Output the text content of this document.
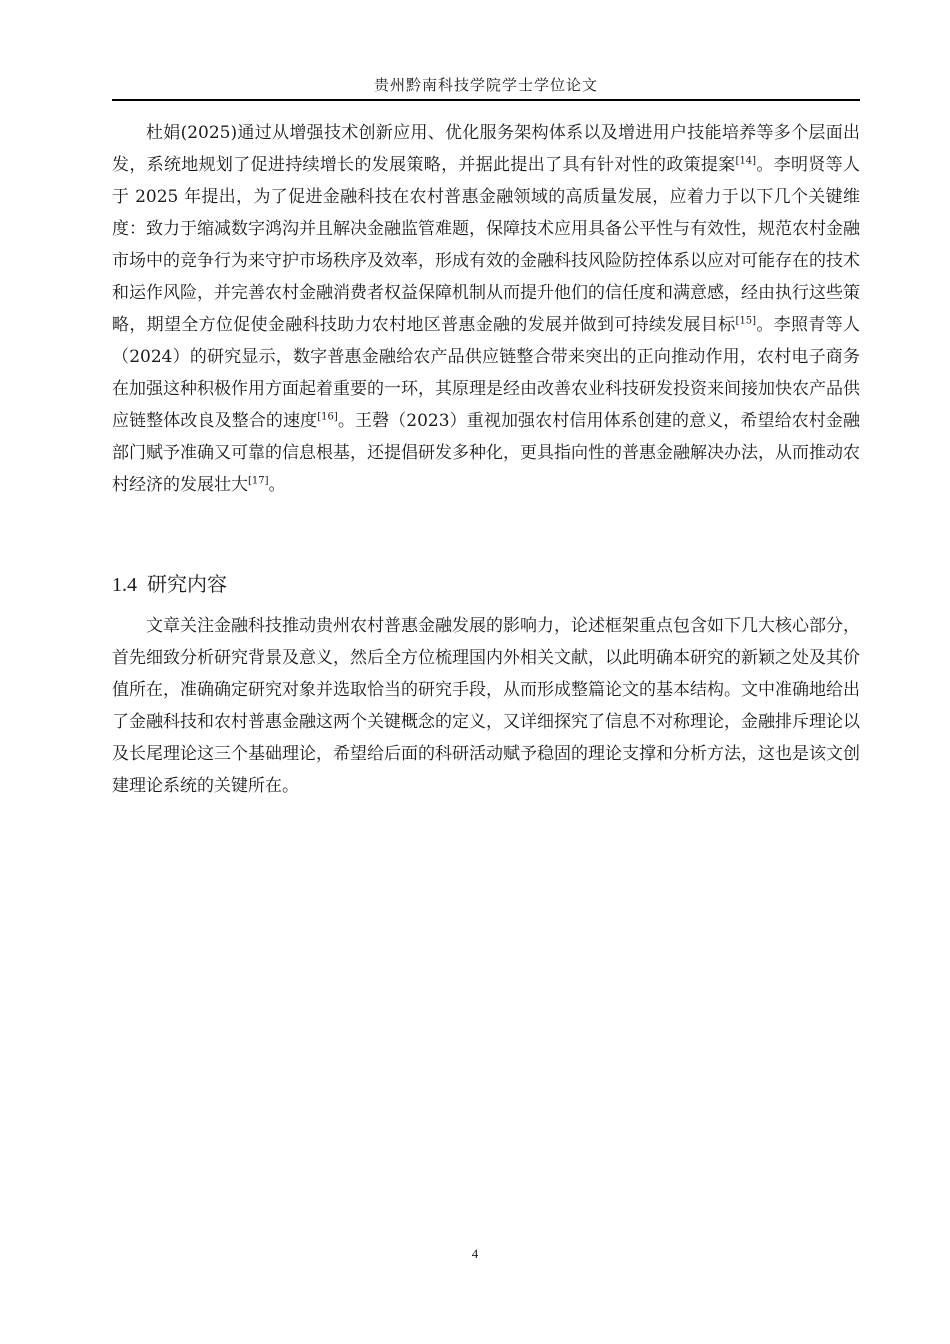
贵州黔南科技学院学士学位论文

杜娟(2025)通过从增强技术创新应用、优化服务架构体系以及增进用户技能培养等多个层面出发，系统地规划了促进持续增长的发展策略，并据此提出了具有针对性的政策提案[14]。李明贤等人于 2025 年提出，为了促进金融科技在农村普惠金融领域的高质量发展，应着力于以下几个关键维度：致力于缩减数字鸿沟并且解决金融监管难题，保障技术应用具备公平性与有效性，规范农村金融市场中的竞争行为来守护市场秩序及效率，形成有效的金融科技风险防控体系以应对可能存在的技术和运作风险，并完善农村金融消费者权益保障机制从而提升他们的信任度和满意感，经由执行这些策略，期望全方位促使金融科技助力农村地区普惠金融的发展并做到可持续发展目标[15]。李照青等人（2024）的研究显示，数字普惠金融给农产品供应链整合带来突出的正向推动作用，农村电子商务在加强这种积极作用方面起着重要的一环，其原理是经由改善农业科技研发投资来间接加快农产品供应链整体改良及整合的速度[16]。王磬（2023）重视加强农村信用体系创建的意义，希望给农村金融部门赋予准确又可靠的信息根基，还提倡研发多种化，更具指向性的普惠金融解决办法，从而推动农村经济的发展壮大[17]。

1.4 研究内容

文章关注金融科技推动贵州农村普惠金融发展的影响力，论述框架重点包含如下几大核心部分，首先细致分析研究背景及意义，然后全方位梳理国内外相关文献，以此明确本研究的新颖之处及其价值所在，准确确定研究对象并选取恰当的研究手段，从而形成整篇论文的基本结构。文中准确地给出了金融科技和农村普惠金融这两个关键概念的定义，又详细探究了信息不对称理论，金融排斥理论以及长尾理论这三个基础理论，希望给后面的科研活动赋予稳固的理论支撑和分析方法，这也是该文创建理论系统的关键所在。

4
